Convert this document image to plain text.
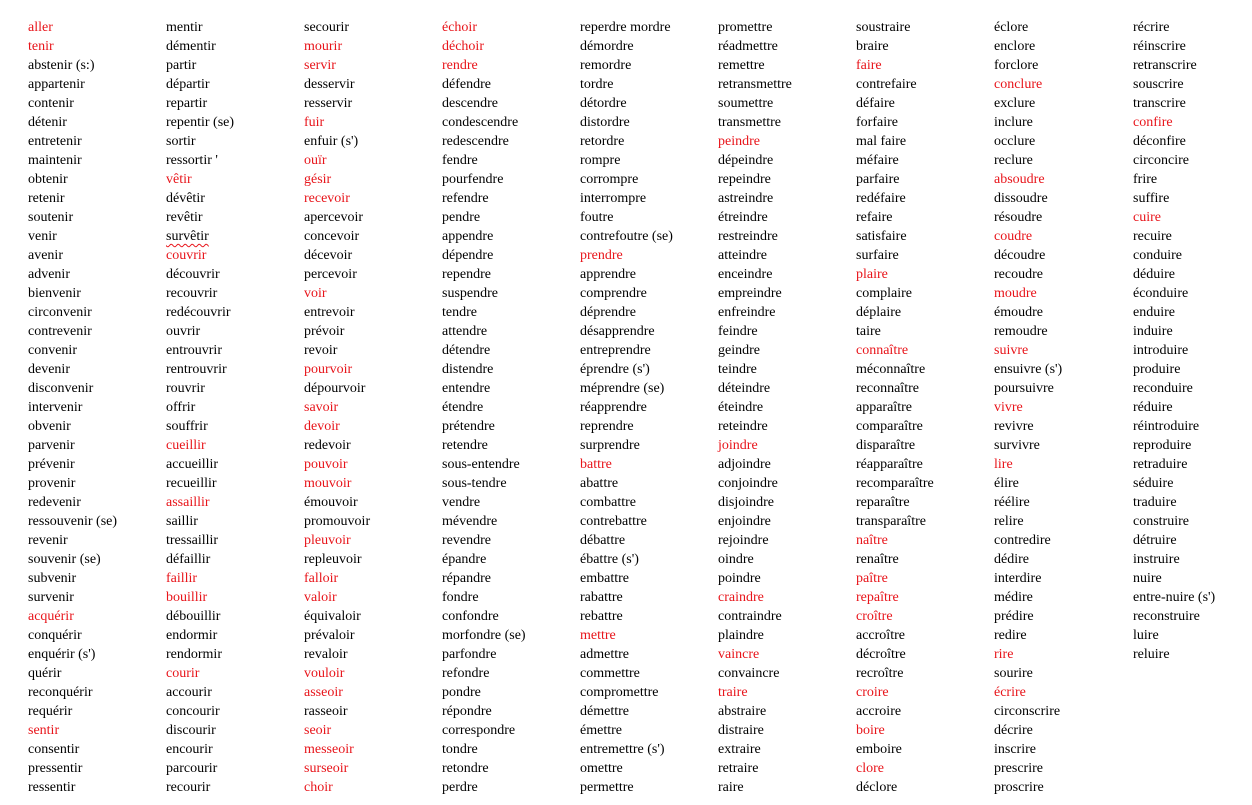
aller
tenir
abstenir (s:)
appartenir
contenir
détenir
entretenir
maintenir
obtenir
retenir
soutenir
venir
avenir
advenir
bienvenir
circonvenir
contrevenir
convenir
devenir
disconvenir
intervenir
obvenir
parvenir
prévenir
provenir
redevenir
ressouvenir (se)
revenir
souvenir (se)
subvenir
survenir
acquérir
conquérir
enquérir (s')
quérir
reconquérir
requérir
sentir
consentir
pressentir
ressentir
mentir
démentir
partir
départir
repartir
repentir (se)
sortir
ressortir '
vêtir
dévêtir
revêtir
survêtir
couvrir
découvrir
recouvrir
redécouvrir
ouvrir
entrouvrir
rentrouvrir
rouvrir
offrir
souffrir
cueillir
accueillir
recueillir
assaillir
saillir
tressaillir
défaillir
faillir
bouillir
débouillir
endormir
rendormir
courir
accourir
concourir
discourir
encourir
parcourir
recourir
secourir
mourir
servir
desservir
resservir
fuir
enfuir (s')
ouïr
gésir
recevoir
apercevoir
concevoir
décevoir
percevoir
voir
entrevoir
prévoir
revoir
pourvoir
dépourvoir
savoir
devoir
redevoir
pouvoir
mouvoir
émouvoir
promouvoir
pleuvoir
repleuvoir
falloir
valoir
équivaloir
prévaloir
revaloir
vouloir
asseoir
rasseoir
seoir
messeoir
surseoir
choir
échoir
déchoir
rendre
défendre
descendre
condescendre
redescendre
fendre
pourfendre
refendre
pendre
appendre
dépendre
rependre
suspendre
tendre
attendre
détendre
distendre
entendre
étendre
prétendre
retendre
sous-entendre
sous-tendre
vendre
mévendre
revendre
épandre
répandre
fondre
confondre
morfondre (se)
parfondre
refondre
pondre
répondre
correspondre
tondre
retondre
perdre
reperdre mordre
démordre
remordre
tordre
détordre
distordre
retordre
rompre
corrompre
interrompre
foutre
contrefoutre (se)
prendre
apprendre
comprendre
déprendre
désapprendre
entreprendre
éprendre (s')
méprendre (se)
réapprendre
reprendre
surprendre
battre
abattre
combattre
contrebattre
débattre
ébattre (s')
embattre
rabattre
rebattre
mettre
admettre
commettre
compromettre
démettre
émettre
entremettre (s')
omettre
permettre
promettre
réadmettre
remettre
retransmettre
soumettre
transmettre
peindre
dépeindre
repeindre
astreindre
étreindre
restreindre
atteindre
enceindre
empreindre
enfreindre
feindre
geindre
teindre
déteindre
éteindre
reteindre
joindre
adjoindre
conjoindre
disjoindre
enjoindre
rejoindre
oindre
poindre
craindre
contraindre
plaindre
vaincre
convaincre
traire
abstraire
distraire
extraire
retraire
raire
soustraire
braire
faire
contrefaire
défaire
forfaire
mal faire
méfaire
parfaire
redéfaire
refaire
satisfaire
surfaire
plaire
complaire
déplaire
taire
connaître
méconnaître
reconnaître
apparaître
comparaître
disparaître
réapparaître
recomparaître
reparaître
transparaître
naître
renaître
paître
repaître
croître
accroître
décroître
recroître
croire
accroire
boire
emboire
clore
déclore
éclore
enclore
forclore
conclure
exclure
inclure
occlure
reclure
absoudre
dissoudre
résoudre
coudre
découdre
recoudre
moudre
émoudre
remoudre
suivre
ensuivre (s')
poursuivre
vivre
revivre
survivre
lire
élire
réélire
relire
contredire
dédire
interdire
médire
prédire
redire
rire
sourire
écrire
circonscrire
décrire
inscrire
prescrire
proscrire
récrire
réinscrire
retranscrire
souscrire
transcrire
confire
déconfire
circoncire
frire
suffire
cuire
recuire
conduire
déduire
éconduire
enduire
induire
introduire
produire
reconduire
réduire
réintroduire
reproduire
retraduire
séduire
traduire
construire
détruire
instruire
nuire
entre-nuire (s')
reconstruire
luire
reluire
